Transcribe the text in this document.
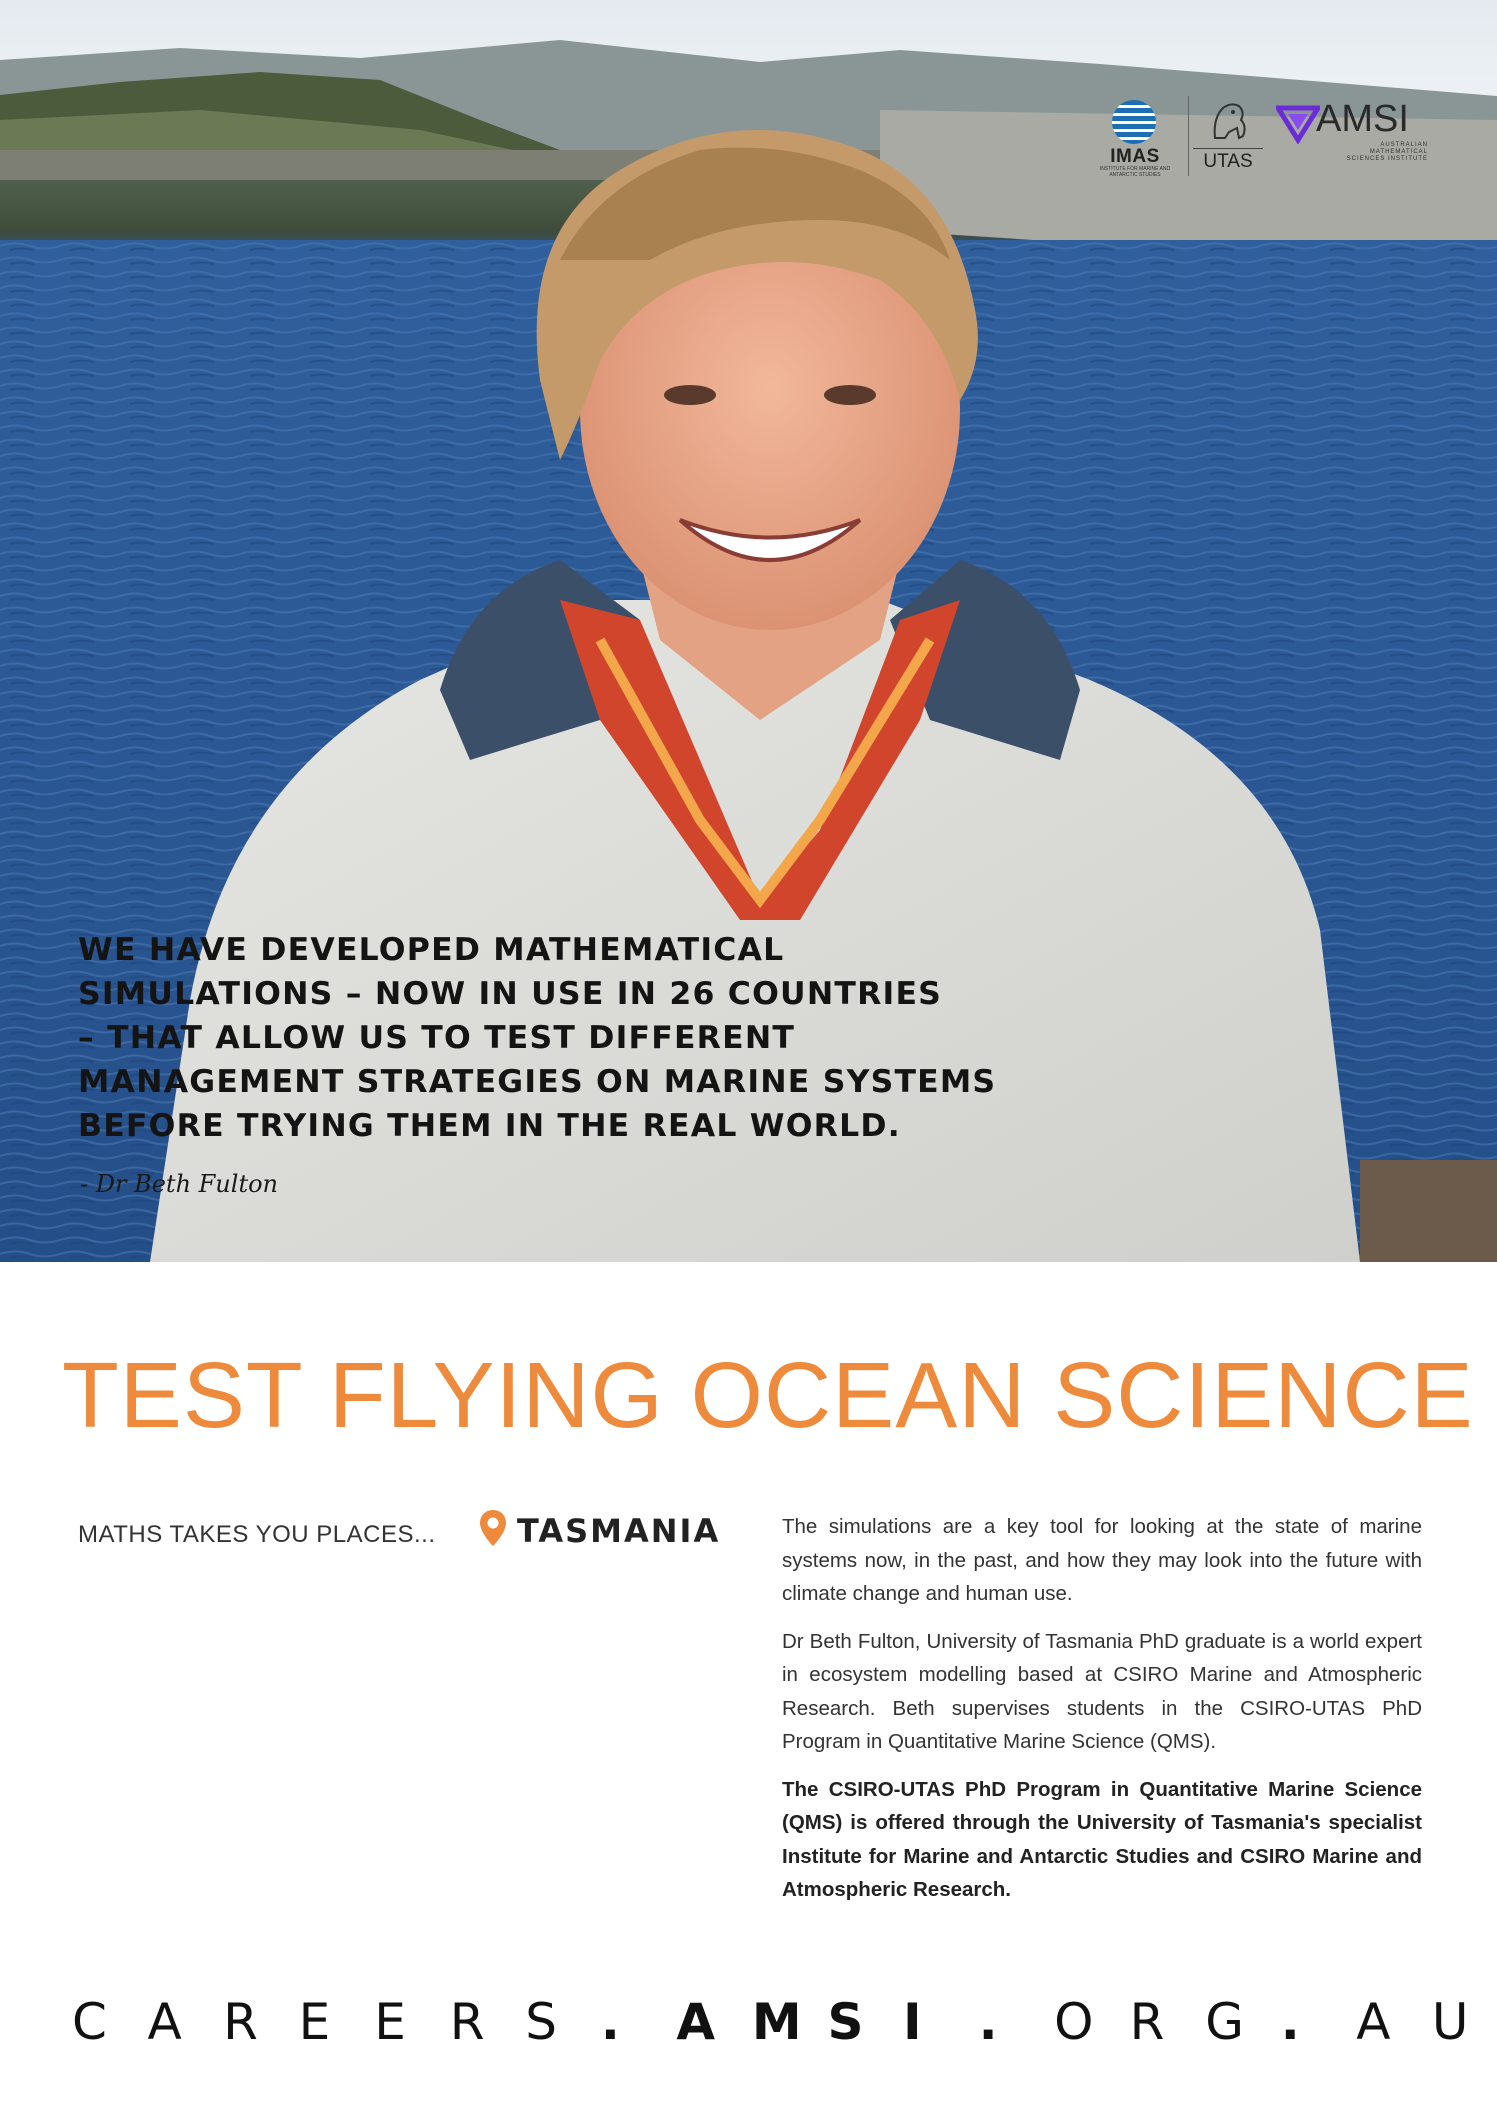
IMAS
INSTITUTE FOR MARINE AND ANTARCTIC STUDIES
UTAS
AMSI
AUSTRALIAN MATHEMATICAL SCIENCES INSTITUTE
WE HAVE DEVELOPED MATHEMATICAL
SIMULATIONS – NOW IN USE IN 26 COUNTRIES
– THAT ALLOW US TO TEST DIFFERENT
MANAGEMENT STRATEGIES ON MARINE SYSTEMS
BEFORE TRYING THEM IN THE REAL WORLD.
- Dr Beth Fulton
TEST FLYING OCEAN SCIENCE
MATHS TAKES YOU PLACES...	TASMANIA	The simulations are a key tool for looking at the state of marine systems now, in the past, and how they may look into the future with climate change and human use.

Dr Beth Fulton, University of Tasmania PhD graduate is a world expert in ecosystem modelling based at CSIRO Marine and Atmospheric Research. Beth supervises students in the CSIRO-UTAS PhD Program in Quantitative Marine Science (QMS).

The CSIRO-UTAS PhD Program in Quantitative Marine Science (QMS) is offered through the University of Tasmania's specialist Institute for Marine and Antarctic Studies and CSIRO Marine and Atmospheric Research.

C A R E E R S . A M S I . O R G . A U
